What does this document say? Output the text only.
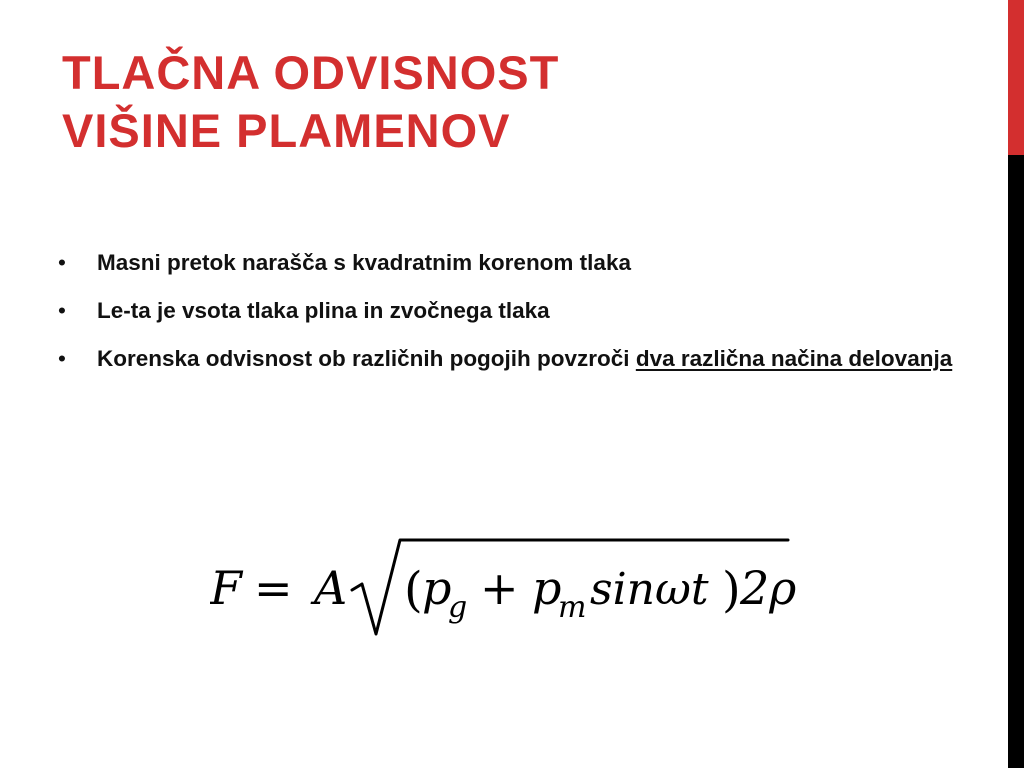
TLAČNA ODVISNOST
VIŠINE PLAMENOV
• Masni pretok narašča s kvadratnim korenom tlaka
• Le-ta je vsota tlaka plina in zvočnega tlaka
• Korenska odvisnost ob različnih pogojih povzroči dva različna načina delovanja
F = A ( p
g + p
m sinωt ) 2ρ
